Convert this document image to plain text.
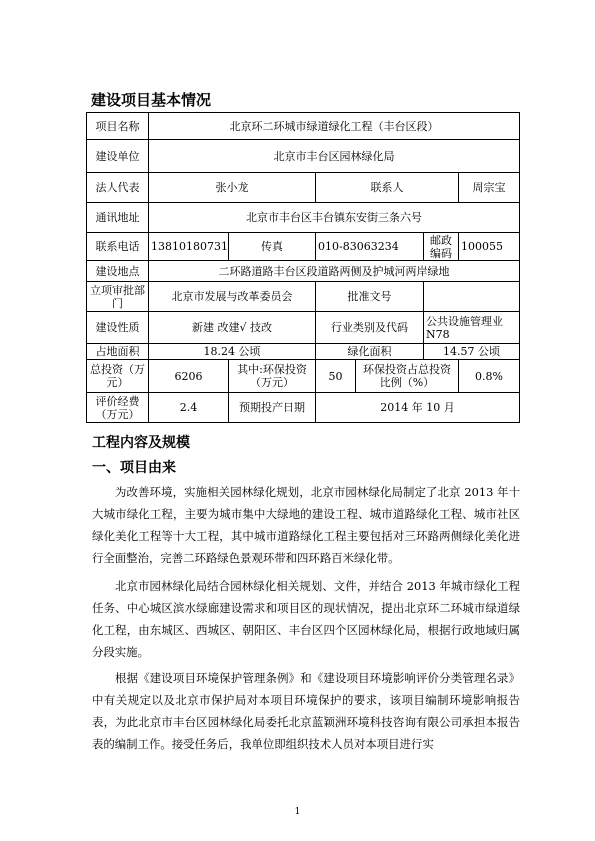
建设项目基本情况
项目名称	北京环二环城市绿道绿化工程（丰台区段）					
建设单位	北京市丰台区园林绿化局					
法人代表	张小龙		联系人			周宗宝
通讯地址	北京市丰台区丰台镇东安街三条六号					
联系电话	13810180731	传真	010-83063234		邮政编码	100055
建设地点	二环路道路丰台区段道路两侧及护城河两岸绿地					
立项审批部门	北京市发展与改革委员会		批准文号			
建设性质	新建 改建√ 技改		行业类别及代码		公共设施管理业N78	
占地面积	18.24 公顷		绿化面积		14.57 公顷	
总投资（万元）	6206	其中:环保投资（万元）	50	环保投资占总投资比例（%）		0.8%
评价经费（万元）	2.4	预期投产日期	2014 年 10 月			
工程内容及规模
一、项目由来
为改善环境，实施相关园林绿化规划，北京市园林绿化局制定了北京 2013 年十大城市绿化工程，主要为城市集中大绿地的建设工程、城市道路绿化工程、城市社区绿化美化工程等十大工程，其中城市道路绿化工程主要包括对三环路两侧绿化美化进行全面整治，完善二环路绿色景观环带和四环路百米绿化带。
北京市园林绿化局结合园林绿化相关规划、文件，并结合 2013 年城市绿化工程任务、中心城区滨水绿廊建设需求和项目区的现状情况，提出北京环二环城市绿道绿化工程，由东城区、西城区、朝阳区、丰台区四个区园林绿化局，根据行政地域归属分段实施。
根据《建设项目环境保护管理条例》和《建设项目环境影响评价分类管理名录》中有关规定以及北京市保护局对本项目环境保护的要求，该项目编制环境影响报告表，为此北京市丰台区园林绿化局委托北京蓝颖洲环境科技咨询有限公司承担本报告表的编制工作。接受任务后，我单位即组织技术人员对本项目进行实
1
